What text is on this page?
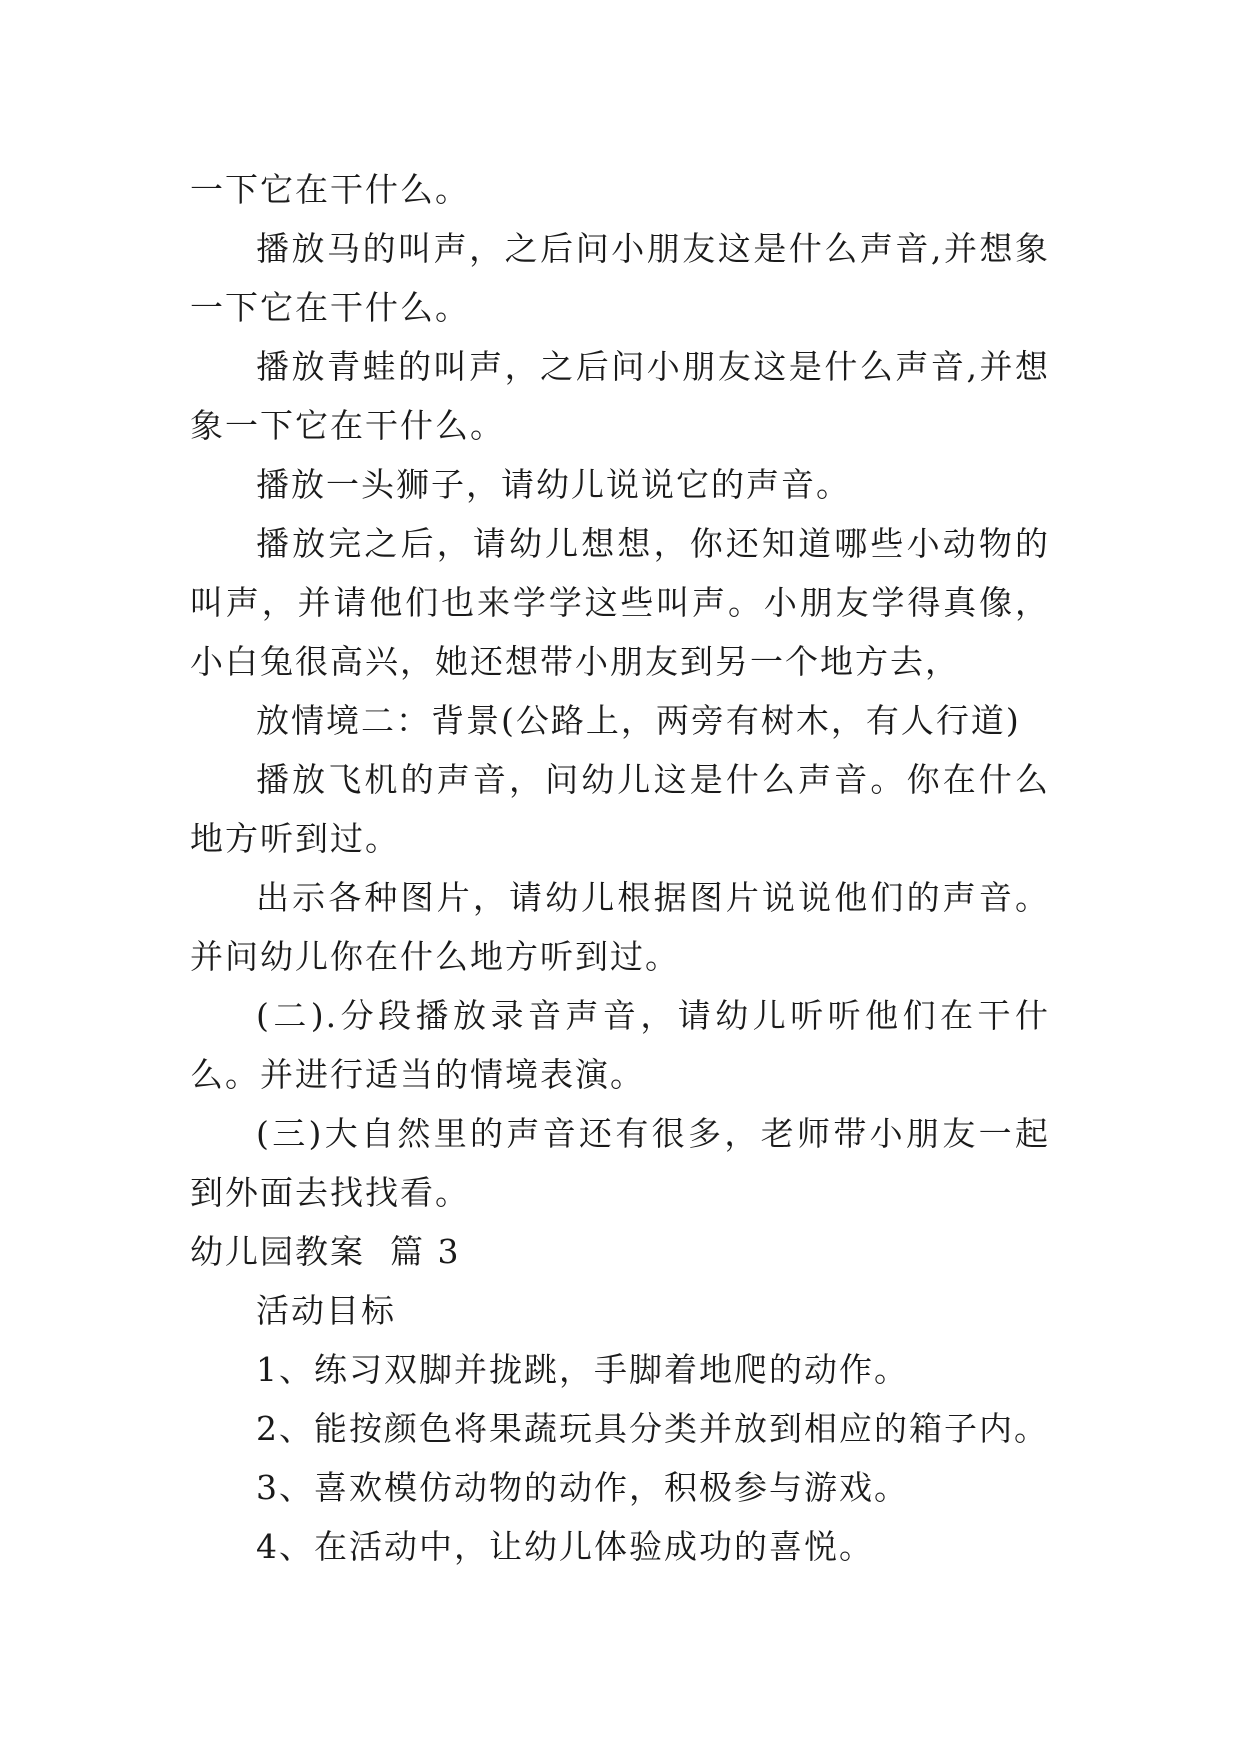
一下它在干什么。

播放马的叫声，之后问小朋友这是什么声音,并想象一下它在干什么。

播放青蛙的叫声，之后问小朋友这是什么声音,并想象一下它在干什么。

播放一头狮子，请幼儿说说它的声音。

播放完之后，请幼儿想想，你还知道哪些小动物的叫声，并请他们也来学学这些叫声。小朋友学得真像，小白兔很高兴，她还想带小朋友到另一个地方去，

放情境二：背景(公路上，两旁有树木，有人行道)

播放飞机的声音，问幼儿这是什么声音。你在什么地方听到过。

出示各种图片，请幼儿根据图片说说他们的声音。并问幼儿你在什么地方听到过。

(二).分段播放录音声音，请幼儿听听他们在干什么。并进行适当的情境表演。

(三)大自然里的声音还有很多，老师带小朋友一起到外面去找找看。

幼儿园教案  篇 3

活动目标

1、练习双脚并拢跳，手脚着地爬的动作。

2、能按颜色将果蔬玩具分类并放到相应的箱子内。

3、喜欢模仿动物的动作，积极参与游戏。

4、在活动中，让幼儿体验成功的喜悦。
